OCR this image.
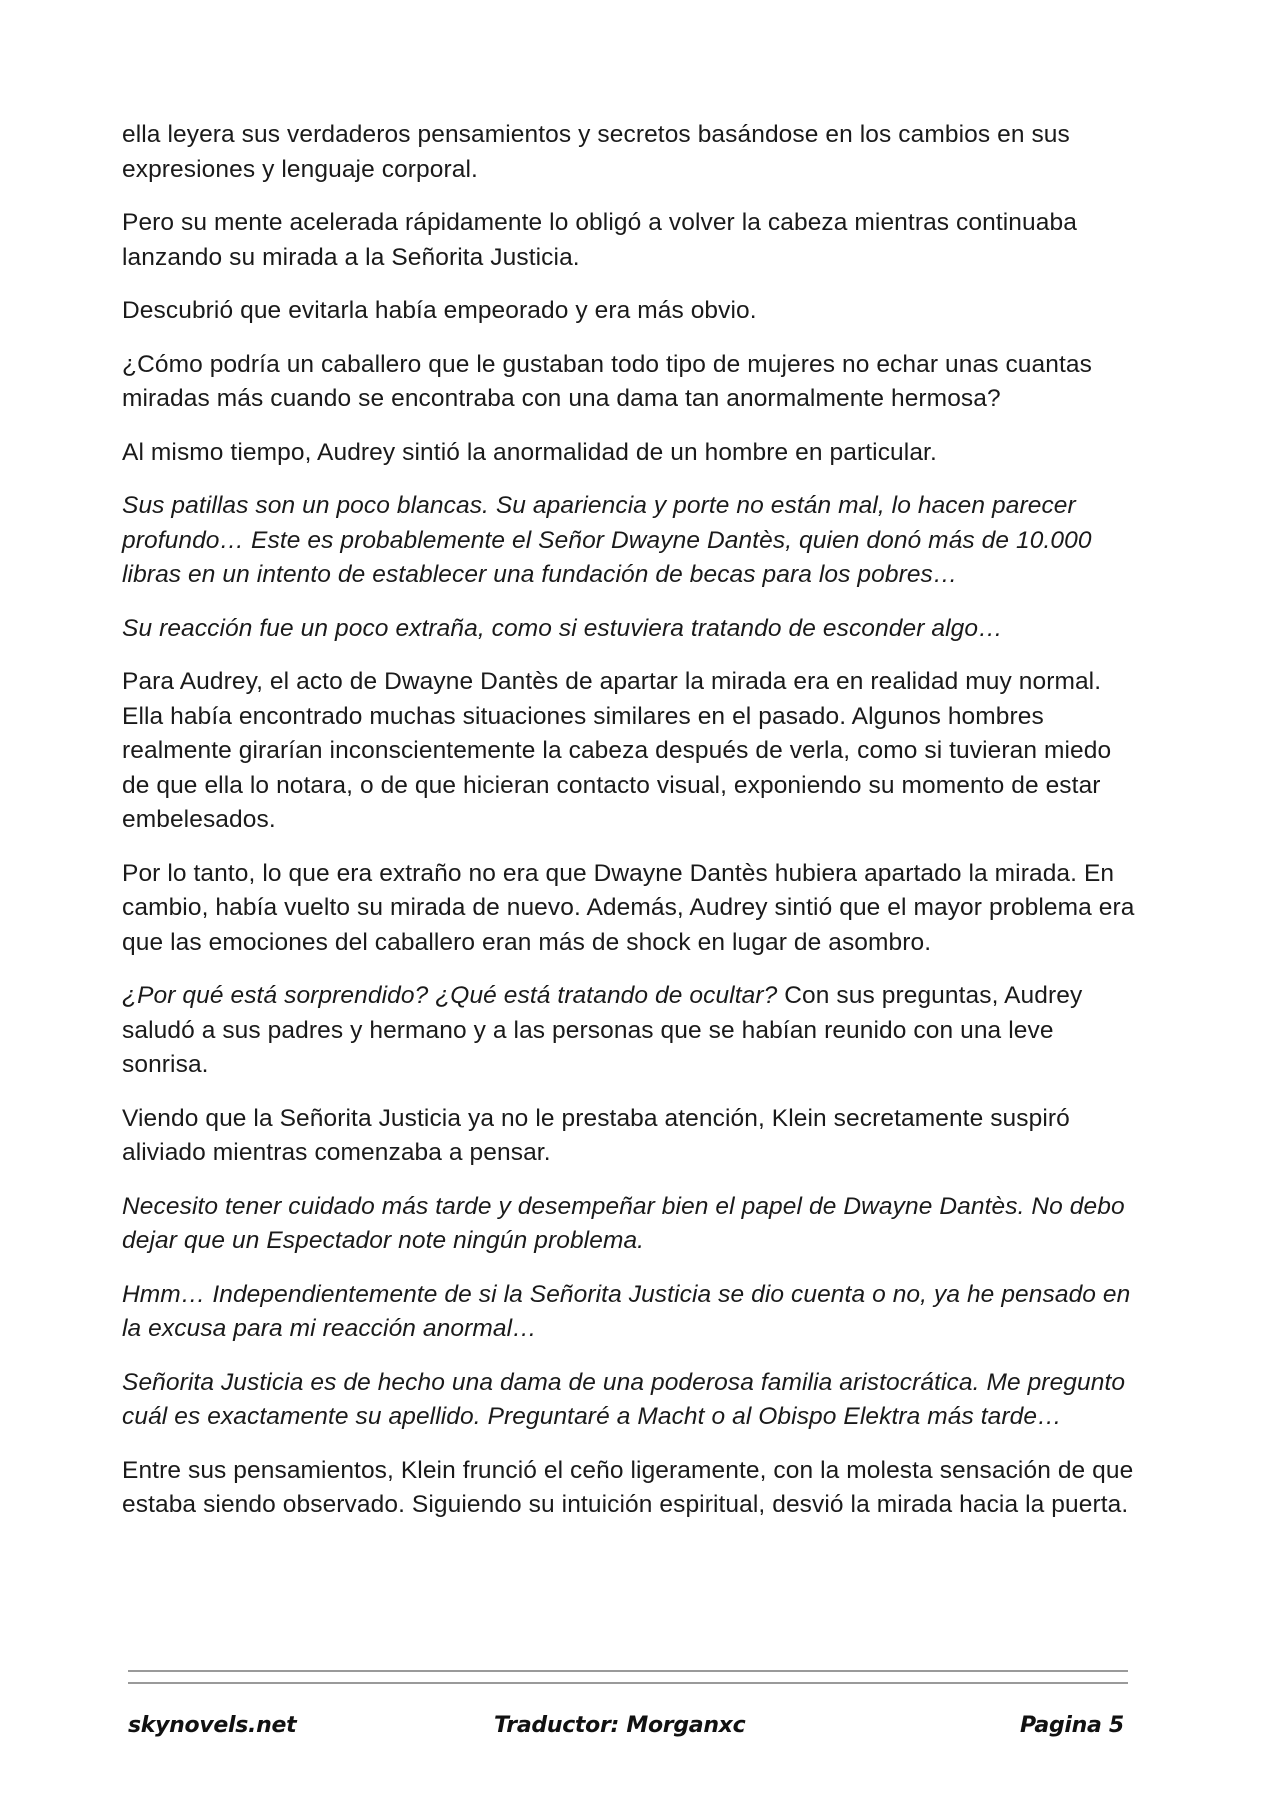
ella leyera sus verdaderos pensamientos y secretos basándose en los cambios en sus expresiones y lenguaje corporal.

Pero su mente acelerada rápidamente lo obligó a volver la cabeza mientras continuaba lanzando su mirada a la Señorita Justicia.

Descubrió que evitarla había empeorado y era más obvio.

¿Cómo podría un caballero que le gustaban todo tipo de mujeres no echar unas cuantas miradas más cuando se encontraba con una dama tan anormalmente hermosa?

Al mismo tiempo, Audrey sintió la anormalidad de un hombre en particular.

Sus patillas son un poco blancas. Su apariencia y porte no están mal, lo hacen parecer profundo… Este es probablemente el Señor Dwayne Dantès, quien donó más de 10.000 libras en un intento de establecer una fundación de becas para los pobres…

Su reacción fue un poco extraña, como si estuviera tratando de esconder algo…

Para Audrey, el acto de Dwayne Dantès de apartar la mirada era en realidad muy normal. Ella había encontrado muchas situaciones similares en el pasado. Algunos hombres realmente girarían inconscientemente la cabeza después de verla, como si tuvieran miedo de que ella lo notara, o de que hicieran contacto visual, exponiendo su momento de estar embelesados.

Por lo tanto, lo que era extraño no era que Dwayne Dantès hubiera apartado la mirada. En cambio, había vuelto su mirada de nuevo. Además, Audrey sintió que el mayor problema era que las emociones del caballero eran más de shock en lugar de asombro.

¿Por qué está sorprendido? ¿Qué está tratando de ocultar? Con sus preguntas, Audrey saludó a sus padres y hermano y a las personas que se habían reunido con una leve sonrisa.

Viendo que la Señorita Justicia ya no le prestaba atención, Klein secretamente suspiró aliviado mientras comenzaba a pensar.

Necesito tener cuidado más tarde y desempeñar bien el papel de Dwayne Dantès. No debo dejar que un Espectador note ningún problema.

Hmm… Independientemente de si la Señorita Justicia se dio cuenta o no, ya he pensado en la excusa para mi reacción anormal…

Señorita Justicia es de hecho una dama de una poderosa familia aristocrática. Me pregunto cuál es exactamente su apellido. Preguntaré a Macht o al Obispo Elektra más tarde…

Entre sus pensamientos, Klein frunció el ceño ligeramente, con la molesta sensación de que estaba siendo observado. Siguiendo su intuición espiritual, desvió la mirada hacia la puerta.

skynovels.net	Traductor: Morganxc	Pagina 5
